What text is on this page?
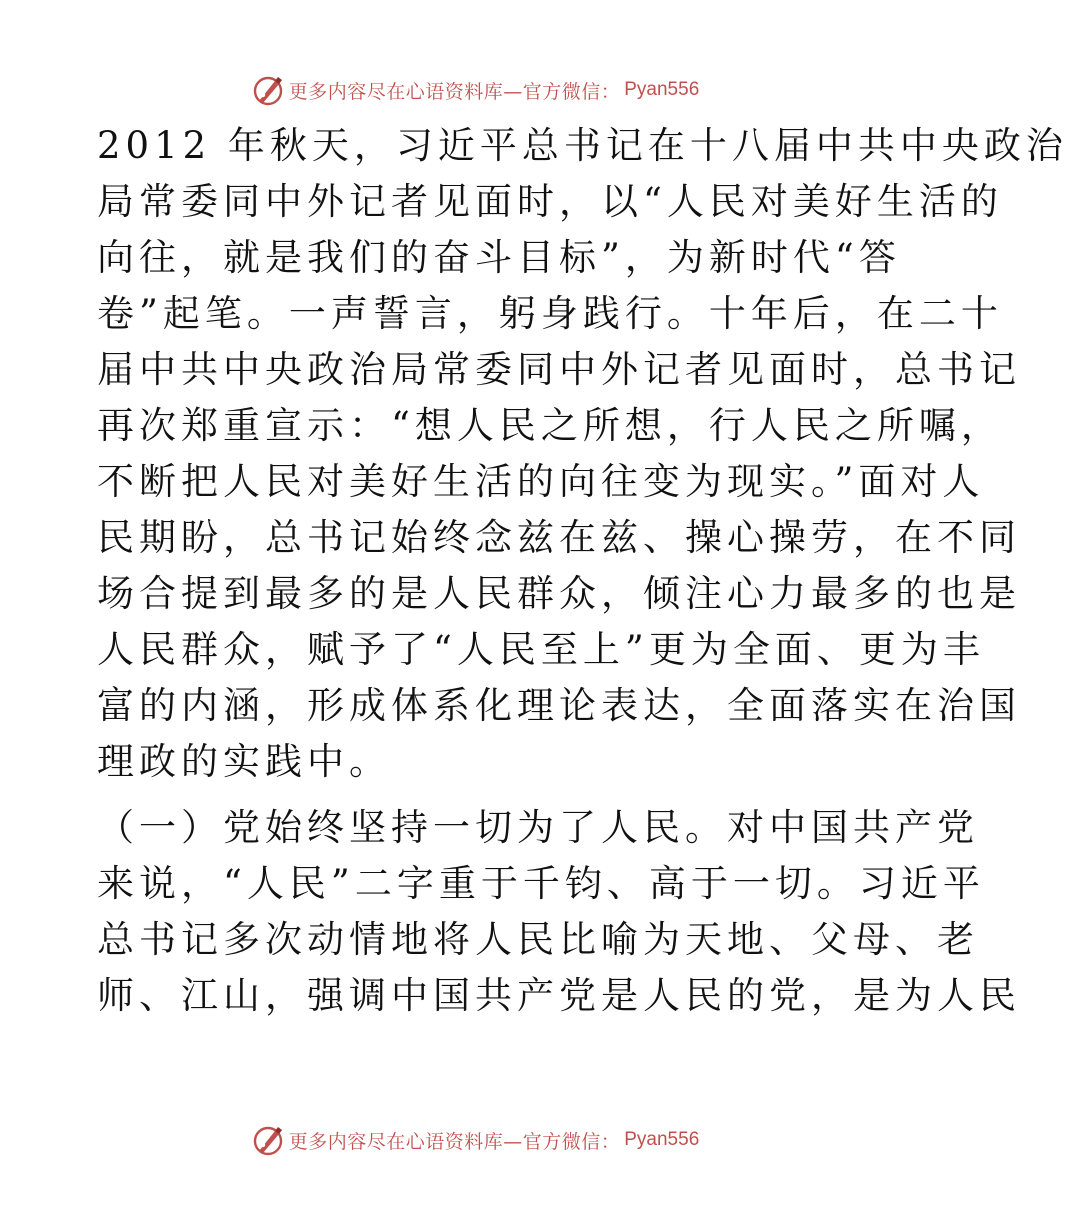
更多内容尽在心语资料库—官方微信： Pyan556
2012 年秋天，习近平总书记在十八届中共中央政治
局常委同中外记者见面时，以“人民对美好生活的
向往，就是我们的奋斗目标”，为新时代“答
卷”起笔。一声誓言，躬身践行。十年后，在二十
届中共中央政治局常委同中外记者见面时，总书记
再次郑重宣示：“想人民之所想，行人民之所嘱，
不断把人民对美好生活的向往变为现实。”面对人
民期盼，总书记始终念兹在兹、操心操劳，在不同
场合提到最多的是人民群众，倾注心力最多的也是
人民群众，赋予了“人民至上”更为全面、更为丰
富的内涵，形成体系化理论表达，全面落实在治国
理政的实践中。
（一）党始终坚持一切为了人民。对中国共产党
来说，“人民”二字重于千钧、高于一切。习近平
总书记多次动情地将人民比喻为天地、父母、老
师、江山，强调中国共产党是人民的党，是为人民
更多内容尽在心语资料库—官方微信： Pyan556
